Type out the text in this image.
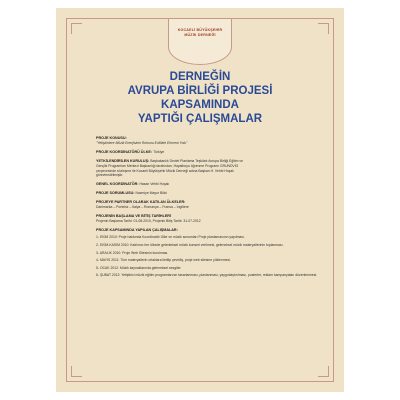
KOCAELİ BÜYÜKŞEHİR
MÜZİK DERNEĞİ
DERNEĞİN
AVRUPA BİRLİĞİ PROJESİ
KAPSAMINDA
YAPTIĞI ÇALIŞMALAR
PROJE KONUSU:
"Yetişkinlere Müzik Enerjisinin Ruhunu Evlilikte Ehmeni Yolu"
PROJE KOORDİNATÖRÜ ÜLKE: Türkiye
YETKİLENDİRİLEN KURULUŞ: Başbakanlık Devlet Planlama Teşkilatı Avrupa Birliği Eğitim ve
Gençlik Programları Merkezi Başkanlığı tarafından, Hayatboyu öğrenme Programı GRUNDVİG
çerçevesinde sözleşme ile Kocaeli Büyükşehir Müzik Derneği adına Başkan H. Vehbi Hoşalı
görevlendirilmiştir.
GENEL KOORDİNATÖR: Hasan Vehbi Hoşalı
PROJE SORUMLUSU: Nazmiye Mayor Bilici
PROJEYE PARTNER OLARAK KATILAN ÜLKELER:
Danimarka – Portekiz – İtalya – Romanya – Fransa – İngiltere
PROJENİN BAŞLAMA VE BİTİŞ TARİHLERİ
Projenin Başlama Tarihi: 01-08-2010, Projenin Bitiş Tarihi: 31-07-2012
PROJE KAPSAMINDA YAPILAN ÇALIŞMALAR:
1- EKİM 2010: Proje hakkında Koordinatör Ülke ve müzik sunumları Proje planlamasının yapılması.
2- EKİM-KASIM 2010: Katılımcı her ülkede gelenleksel müzik konseri verilmesi, geleneksel müzik materyallerinin toplanması.
3- ARALIK 2010: Proje Web Sitesinin kurulması.
4- MAYIS 2011: Tüm materyallerin ortaklara iletilip çeviriliş, proje web sitesine yüklenmesi.
5- OCAK 2012: Müzik kaynaklarında geleneksel sesgiler.
6- ŞUBAT 2012: Yetiştirici müzik eğitim programlarının tasarlanması, planlanması, yaygınlaştırılması, posterler, reklam kampanyaları düzenlenmesi.
